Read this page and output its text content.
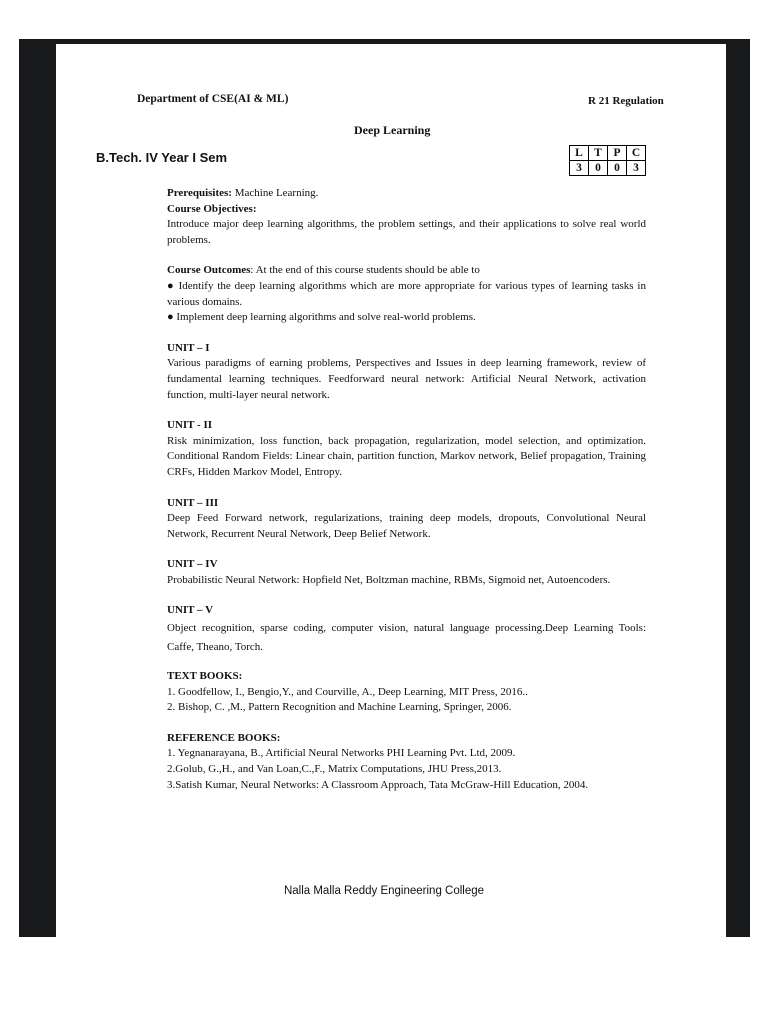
Department of CSE(AI & ML)	R 21 Regulation
Deep Learning
B.Tech. IV Year I Sem	L	T	P	C
3	0	0	3

Prerequisites: Machine Learning.

Course Objectives:

Introduce major deep learning algorithms, the problem settings, and their applications to solve real world problems.

Course Outcomes: At the end of this course students should be able to

● Identify the deep learning algorithms which are more appropriate for various types of learning tasks in various domains.

● Implement deep learning algorithms and solve real-world problems.

UNIT – I

Various paradigms of earning problems, Perspectives and Issues in deep learning framework, review of fundamental learning techniques. Feedforward neural network: Artificial Neural Network, activation function, multi-layer neural network.

UNIT - II

Risk minimization, loss function, back propagation, regularization, model selection, and optimization. Conditional Random Fields: Linear chain, partition function, Markov network, Belief propagation, Training CRFs, Hidden Markov Model, Entropy.

UNIT – III

Deep Feed Forward network, regularizations, training deep models, dropouts, Convolutional Neural Network, Recurrent Neural Network, Deep Belief Network.

UNIT – IV

Probabilistic Neural Network: Hopfield Net, Boltzman machine, RBMs, Sigmoid net, Autoencoders.

UNIT – V

Object recognition, sparse coding, computer vision, natural language processing.Deep Learning Tools: Caffe, Theano, Torch.

TEXT BOOKS:

1. Goodfellow, I., Bengio,Y., and Courville, A., Deep Learning, MIT Press, 2016..

2. Bishop, C. ,M., Pattern Recognition and Machine Learning, Springer, 2006.

REFERENCE BOOKS:

1. Yegnanarayana, B., Artificial Neural Networks PHI Learning Pvt. Ltd, 2009.

2.Golub, G.,H., and Van Loan,C.,F., Matrix Computations, JHU Press,2013.

3.Satish Kumar, Neural Networks: A Classroom Approach, Tata McGraw-Hill Education, 2004.

Nalla Malla Reddy Engineering College
